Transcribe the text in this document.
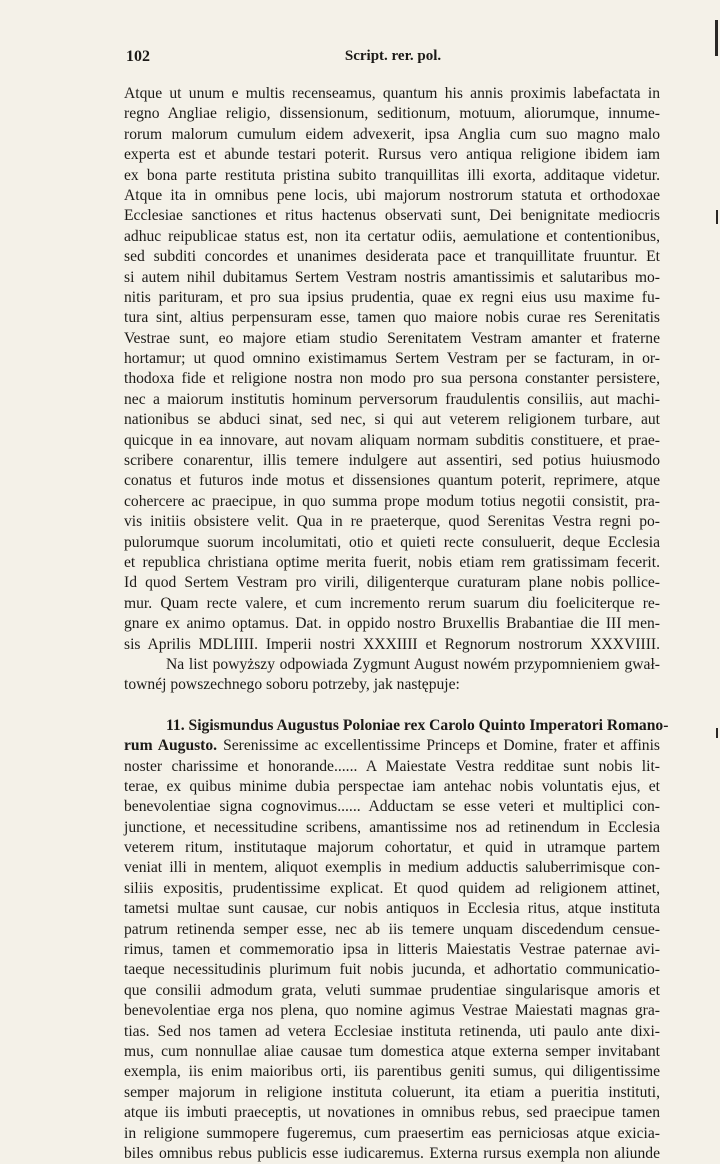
102	Script. rer. pol.
Atque ut unum e multis recenseamus, quantum his annis proximis labefactata in
regno Angliae religio, dissensionum, seditionum, motuum, aliorumque, innume-
rorum malorum cumulum eidem advexerit, ipsa Anglia cum suo magno malo
experta est et abunde testari poterit. Rursus vero antiqua religione ibidem iam
ex bona parte restituta pristina subito tranquillitas illi exorta, additaque videtur.
Atque ita in omnibus pene locis, ubi majorum nostrorum statuta et orthodoxae
Ecclesiae sanctiones et ritus hactenus observati sunt, Dei benignitate mediocris
adhuc reipublicae status est, non ita certatur odiis, aemulatione et contentionibus,
sed subditi concordes et unanimes desiderata pace et tranquillitate fruuntur. Et
si autem nihil dubitamus Sertem Vestram nostris amantissimis et salutaribus mo-
nitis parituram, et pro sua ipsius prudentia, quae ex regni eius usu maxime fu-
tura sint, altius perpensuram esse, tamen quo maiore nobis curae res Serenitatis
Vestrae sunt, eo majore etiam studio Serenitatem Vestram amanter et fraterne
hortamur; ut quod omnino existimamus Sertem Vestram per se facturam, in or-
thodoxa fide et religione nostra non modo pro sua persona constanter persistere,
nec a maiorum institutis hominum perversorum fraudulentis consiliis, aut machi-
nationibus se abduci sinat, sed nec, si qui aut veterem religionem turbare, aut
quicque in ea innovare, aut novam aliquam normam subditis constituere, et prae-
scribere conarentur, illis temere indulgere aut assentiri, sed potius huiusmodo
conatus et futuros inde motus et dissensiones quantum poterit, reprimere, atque
cohercere ac praecipue, in quo summa prope modum totius negotii consistit, pra-
vis initiis obsistere velit. Qua in re praeterque, quod Serenitas Vestra regni po-
pulorumque suorum incolumitati, otio et quieti recte consuluerit, deque Ecclesia
et republica christiana optime merita fuerit, nobis etiam rem gratissimam fecerit.
Id quod Sertem Vestram pro virili, diligenterque curaturam plane nobis pollice-
mur. Quam recte valere, et cum incremento rerum suarum diu foeliciterque re-
gnare ex animo optamus. Dat. in oppido nostro Bruxellis Brabantiae die III men-
sis Aprilis MDLIIII. Imperii nostri XXXIIII et Regnorum nostrorum XXXVIIII.
Na list powyższy odpowiada Zygmunt August nowém przypomnieniem gwał-
townéj powszechnego soboru potrzeby, jak następuje:
11. Sigismundus Augustus Poloniae rex Carolo Quinto Imperatori Romano-
rum Augusto. Serenissime ac excellentissime Princeps et Domine, frater et affinis
noster charissime et honorande...... A Maiestate Vestra redditae sunt nobis lit-
terae, ex quibus minime dubia perspectae iam antehac nobis voluntatis ejus, et
benevolentiae signa cognovimus...... Adductam se esse veteri et multiplici con-
junctione, et necessitudine scribens, amantissime nos ad retinendum in Ecclesia
veterem ritum, institutaque majorum cohortatur, et quid in utramque partem
veniat illi in mentem, aliquot exemplis in medium adductis saluberrimisque con-
siliis expositis, prudentissime explicat. Et quod quidem ad religionem attinet,
tametsi multae sunt causae, cur nobis antiquos in Ecclesia ritus, atque instituta
patrum retinenda semper esse, nec ab iis temere unquam discedendum censue-
rimus, tamen et commemoratio ipsa in litteris Maiestatis Vestrae paternae avi-
taeque necessitudinis plurimum fuit nobis jucunda, et adhortatio communicatio-
que consilii admodum grata, veluti summae prudentiae singularisque amoris et
benevolentiae erga nos plena, quo nomine agimus Vestrae Maiestati magnas gra-
tias. Sed nos tamen ad vetera Ecclesiae instituta retinenda, uti paulo ante dixi-
mus, cum nonnullae aliae causae tum domestica atque externa semper invitabant
exempla, iis enim maioribus orti, iis parentibus geniti sumus, qui diligentissime
semper majorum in religione instituta coluerunt, ita etiam a pueritia instituti,
atque iis imbuti praeceptis, ut novationes in omnibus rebus, sed praecipue tamen
in religione summopere fugeremus, cum praesertim eas perniciosas atque exicia-
biles omnibus rebus publicis esse iudicaremus. Externa rursus exempla non aliunde
